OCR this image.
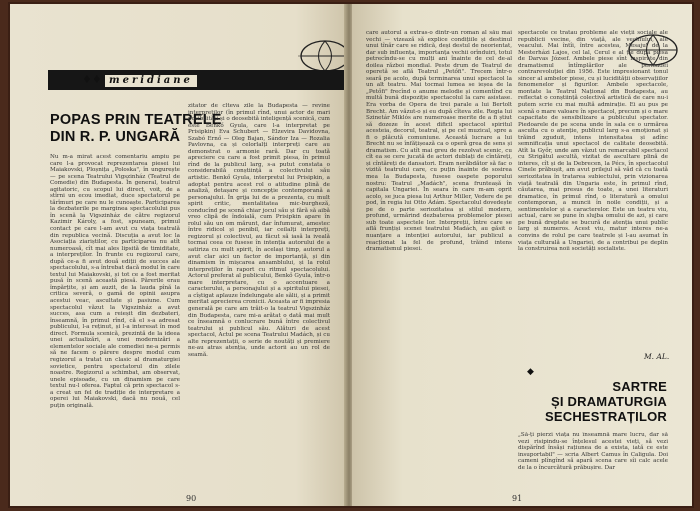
♦♦ meridiane
POPAS PRIN TEATRELE
DIN R. P. UNGARĂ

Nu m-a mirat acest comentariu ampiu pe care l-a provocat reprezentarea piesei lui Maiakovski, Ploșnița „Poloska", în ungurește — pe scena Teatrului Vigszinház (Teatrul de Comedie) din Budapesta. În general, teatrul agitatoric, cu scopul lui direct, voit, de a stîrni un ecou imediat, duce spectatorul pe tărîmuri pe care nu le cunoaște. Participarea la dezbaterile pe marginea spectacolului pus în scenă la Vigszinház de către regizorul Kazimir Károly, a fost, spuneam, primul contact pe care l-am avut cu viața teatrală din republica vecină. Discuția a avut loc la Asociația ziariștilor, cu participarea nu atît numeroasă, cît mai ales lipsită de timiditate, a interpreților. În frunte cu regizorul care, după ce-a fi avut două ediții de succes ale spectacolului, s-a întrebat dacă modul în care textul lui Maiakovski, și tot ce a fost meritat pusă în scenă această piesă. Părerile erau împărțite, și am auzit, de la lauda pînă la critica severă, o gamă de opinii asupra acestui veac, ascultate și pasiune. Cum spectacolul văzut la Vigszinház a avut succes, asa cum a reieșit din dezbateri, înseamnă, în primul rînd, că el s-a adresat publicului, l-a reținut, și l-a interesat în mod direct. Formula scenică, prezintă de la ideea unei actualizări, a unei modernizări a elementelor sociale ale comediei ne-a permis să ne facem o părere despre modul cum regizorul a tratat un clasic al dramaturgiei sovietice, pentru spectatorul din zilele noastre. Regizorul a schimbat, am observat, unele episoade, cu un dinamism pe care textul nu-l oferea. Faptul că prin spectacol s-a creat un fel de tradiție de interpretare a operei lui Maiakovski, dacă nu nouă, cel puțin originală.

zitator de clteva zile la Budapesta — revine interpreților (în primul rînd, unui actor de mari posibilități și o deosebită inteligență scenică, cum este Benkő Gyula, care l-a interpretat pe Prisipkin) Eva Schubert — Elzevira Davidovna, Szabó Ernő — Oleg Bajan, Sándor Iza — Rozalia Pavlovna, ca și celorlalți interpreți care au demonstrat o armonie rară. Dar cu toată apreciere cu care a fost primit piesa, în primul rînd de la publicul larg, s-a putut constata o considerabilă conștiință a colectivului său artistic. Benkő Gyula, interpretul lui Prisipkin, a adoptat pentru acest rol o atitudine plină de analiză, detașare și concepție contemporană a personajului. În grija lui de a prezenta, cu mult spirit critic, mentalitatea mic-burgheză, conducînd pe scenă chiar jocul său și fără să aibă vreo clipă de îndoială, cum Prisipkin apare în rolul său un om mărunt, dar înfumurat, amestec între ridicol și penibil, iar ceilalți interpreți, regizorul și colectivul, au făcut să iasă la iveală tocmai ceea ce fusese în intenția autorului de a satiriza cu mult spirit, în același timp, autorul a avut clar aici un factor de importanță, și din dinamism în mișcarea ansamblului, și la rolul interpreților în raport cu ritmul spectacolului. Actorul preferat al publicului, Benkő Gyula, într-o mare interpretare, cu o accentuare a caracterului, a personajului și a spiritului piesei, a cîștigat aplauze îndelungate ale sălii, și a primit meritat aprecierea cronicii. Aceasta ar fi impresia generală pe care am trăit-o la teatrul Vigszinház din Budapesta, care mi-a arătat o dată mai mult ce înseamnă o conlucrare bună între colectivul teatrului și publicul său. Alături de acest spectacol, Actul pe scena Teatrului Madách, și cu alte reprezentații, o serie de noutăți și premiere ne-au atras atenția, unde actorii au un rol de seamă.

90

care autorul a extras-o dintr-un roman al său mai vechi — vizează să explice condițiile și destinul unui tînăr care se ridică, deși destul de neorientat, dar sub influența, importanța vechii orînduiri, totul petrecîndu-se cu mulți ani înainte de cel de-al doilea război mondial. Peste drum de Teatrul de operetă se află Teatrul „Petőfi". Trecem într-o seară pe acolo, după terminarea unui spectacol la un alt teatru. Mai tocmai lumea se ieșea de la „Petőfi" frecînd o anume melodie și comentînd cu multă bună dispoziție spectacolul la care asistase. Era vorba de Opera de trei parale a lui Bertolt Brecht. Am văzut-o și eu după cîteva zile. Regia lui Szinetár Miklós are numeroase merite de a fi știut să dozeze în acest dificil spectacol spiritul acesteia, decorul, teatral, și pe cel muzical, spre a fi o plăcută comuniune. Această lucrare a lui Brecht nu se înfățișează ca o operă grea de sens și dramatism. Cu atît mai greu de rezolvat scenic, cu cît ea se cere jucată de actori dublați de cîntăreți, și cîntăreți de dansatori. Eram nerăbdător să fac o vizită teatrului care, cu puțin înainte de sosirea mea la Budapesta, fusese oaspete poporului nostru: Teatrul „Madách", scena frunteașă în capitala Ungariei. În seara în care m-am oprit acolo, se juca piesa lui Arthur Miller, Vedere de pe pod, în regia lui Otto Ádám. Spectacolul dovedește pe de o parte seriozitatea și stilul modern, profund, urmărind dezbaterea problemelor piesei sub toate aspectele lor. Interpreții, între care se află frunțiși scenei teatrului Madách, au găsit o nuanțare a intenției autorului, iar publicul a reacționat la fel de profund, trăind intens dramatismul piesei.

spectacole ce tratau probleme ale vieții sociale ale republicii vecine, din viață, ale vechiului, ale veacului. Mai întîi, între acestea, Mesajul de la Mesterházi Lajos, cel lal, Cerul e al ție după piesa de Darvas József. Ambele piese sînt inspirate din dramatismul întîmplărilor ale perioadei contrarevoluției din 1956. Este impresionant tonul sincer al ambelor piese, cu și lucidității observațiilor fenomenelor și figurilor. Ambele spectacole, montate la Teatrul Național din Budapesta, au reflectat o conștiință colectivă artistică de care nu-i putem scrie cu mai multă admirație. Ei au pus pe scenă o mare valoare în spectacol, precum și o mare capacitate de sensibilizare a publicului spectator. Piedoarele de pe scena unde în sala ce o urmărea asculta cu o atenție, publicul larg s-a emoționat și trăind zguduit, intens intensitatea și adînc semnificația unui spectacol de calitate deosebită. Atît la Győr, unde am văzut un remarcabil spectacol cu Strigătul ascultă, vizitat de ascultare plină de interes, cît și de la Debrecen, la Pécs, în spectacolul Cinele prăbușit, am avut prilejul să văd că cu toată seriozitatea în tratarea subiectului, prin vizionarea viață teatrală din Ungaria este, în primul rînd, căutarea, mai presus de toate, a unei literaturi dramatice, în primul rînd, o literatură a omului contemporan, a muncii în noile condiții, și a sentimentelor și a caracterelor. Este un teatru viu, actual, care se pune în slujba omului de azi, și care pe bună dreptate se bucură de atenția unui public larg și numeros. Acest viu, matur interes ne-a convins de rolul pe care teatrele și l-au asumat în viața culturală a Ungariei, de a contribui pe deplin la construirea noii societăți socialiste.

M. AL.
◆
SARTRE
ȘI DRAMATURGIA
SECHESTRAȚILOR

„Să-ți pierzi viața nu înseamnă mare lucru, dar să vezi risipindu-se înțelesul acestei vieți, să vezi dispărînd însăși rațiunea de a exista, iată ce este insuportabil" — scria Albert Camus în Caligula. Doi cameni plîngînd să apară scena care sîi calc acele de la o încurcătură prăbușire. Dar

91
